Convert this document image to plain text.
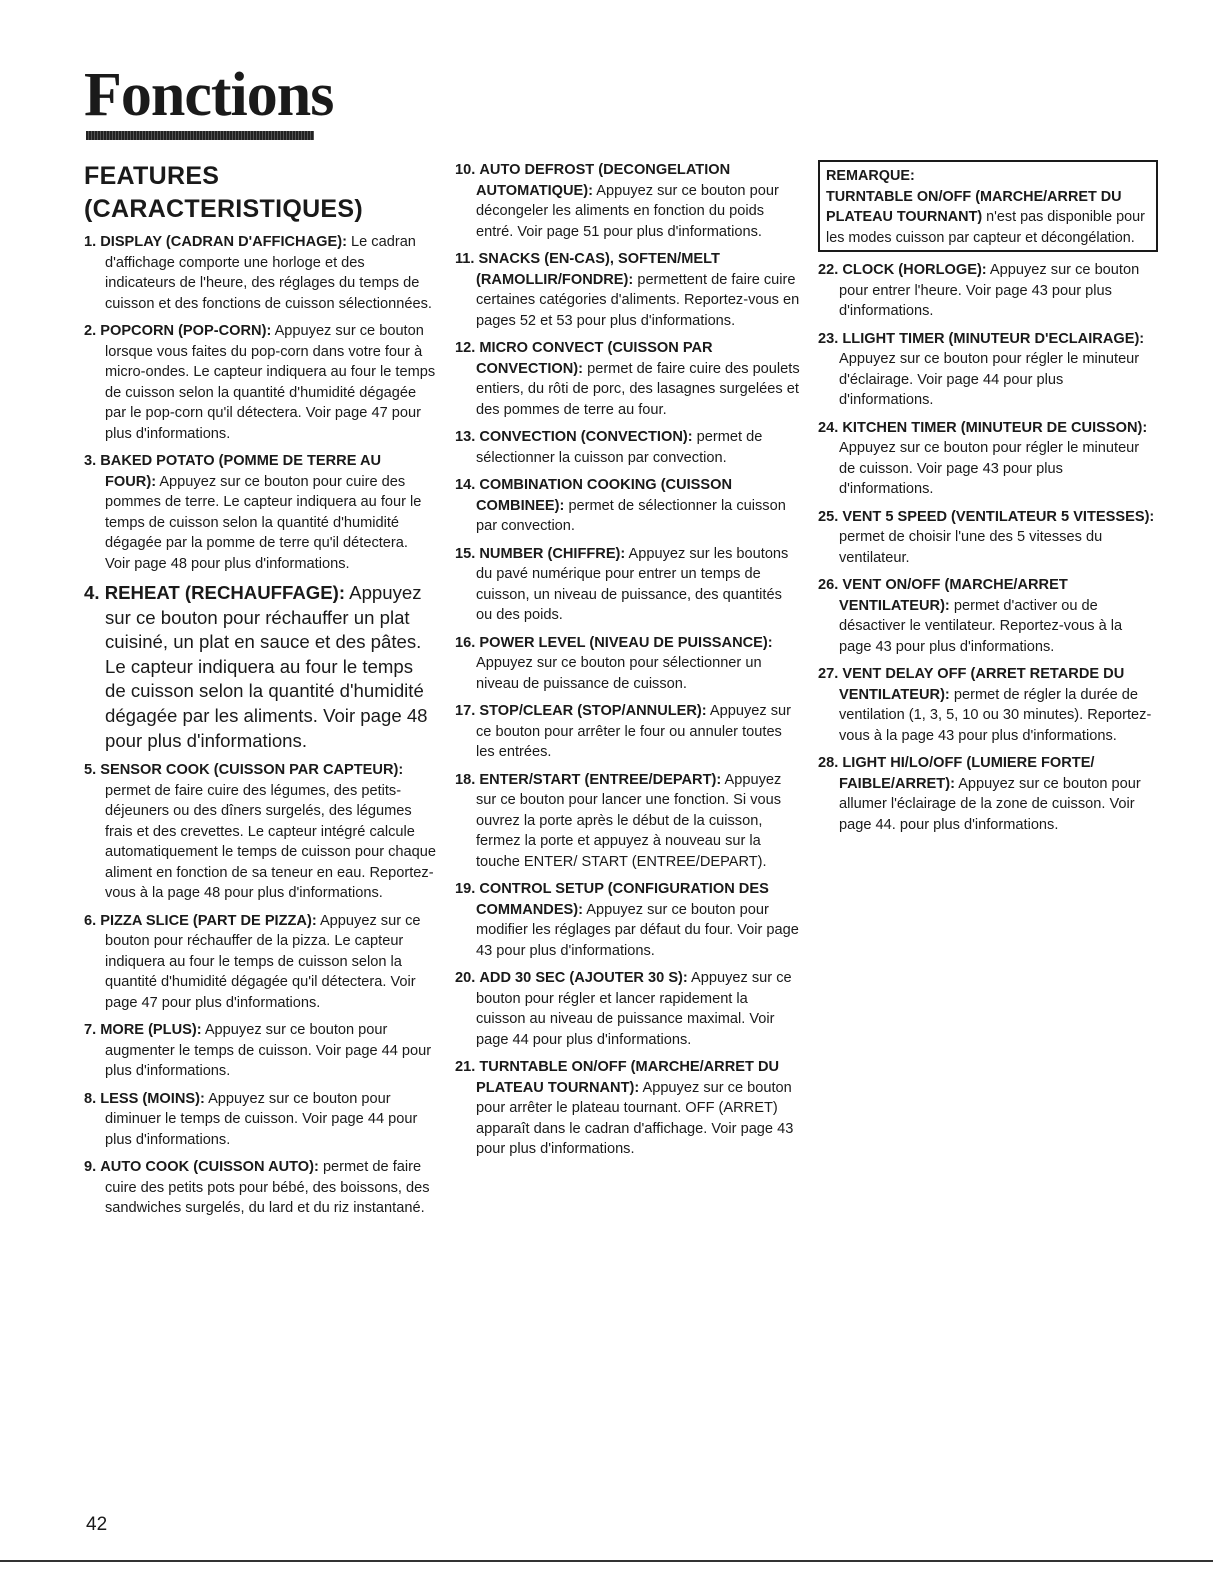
Fonctions
FEATURES (CARACTERISTIQUES)

1. DISPLAY (CADRAN D'AFFICHAGE): Le cadran d'affichage comporte une horloge et des indicateurs de l'heure, des réglages du temps de cuisson et des fonctions de cuisson sélectionnées.

2. POPCORN (POP-CORN): Appuyez sur ce bouton lorsque vous faites du pop-corn dans votre four à micro-ondes. Le capteur indiquera au four le temps de cuisson selon la quantité d'humidité dégagée par le pop-corn qu'il détectera. Voir page 47 pour plus d'informations.

3. BAKED POTATO (POMME DE TERRE AU FOUR): Appuyez sur ce bouton pour cuire des pommes de terre. Le capteur indiquera au four le temps de cuisson selon la quantité d'humidité dégagée par la pomme de terre qu'il détectera. Voir page 48 pour plus d'informations.

4. REHEAT (RECHAUFFAGE): Appuyez sur ce bouton pour réchauffer un plat cuisiné, un plat en sauce et des pâtes. Le capteur indiquera au four le temps de cuisson selon la quantité d'humidité dégagée par les aliments. Voir page 48 pour plus d'informations.

5. SENSOR COOK (CUISSON PAR CAPTEUR): permet de faire cuire des légumes, des petits-déjeuners ou des dîners surgelés, des légumes frais et des crevettes. Le capteur intégré calcule automatiquement le temps de cuisson pour chaque aliment en fonction de sa teneur en eau. Reportez-vous à la page 48 pour plus d'informations.

6. PIZZA SLICE (PART DE PIZZA): Appuyez sur ce bouton pour réchauffer de la pizza. Le capteur indiquera au four le temps de cuisson selon la quantité d'humidité dégagée qu'il détectera. Voir page 47 pour plus d'informations.

7. MORE (PLUS): Appuyez sur ce bouton pour augmenter le temps de cuisson. Voir page 44 pour plus d'informations.

8. LESS (MOINS): Appuyez sur ce bouton pour diminuer le temps de cuisson. Voir page 44 pour plus d'informations.

9. AUTO COOK (CUISSON AUTO): permet de faire cuire des petits pots pour bébé, des boissons, des sandwiches surgelés, du lard et du riz instantané.

10. AUTO DEFROST (DECONGELATION AUTOMATIQUE): Appuyez sur ce bouton pour décongeler les aliments en fonction du poids entré. Voir page 51 pour plus d'informations.

11. SNACKS (EN-CAS), SOFTEN/MELT (RAMOLLIR/FONDRE): permettent de faire cuire certaines catégories d'aliments. Reportez-vous en pages 52 et 53 pour plus d'informations.

12. MICRO CONVECT (CUISSON PAR CONVECTION): permet de faire cuire des poulets entiers, du rôti de porc, des lasagnes surgelées et des pommes de terre au four.

13. CONVECTION (CONVECTION): permet de sélectionner la cuisson par convection.

14. COMBINATION COOKING (CUISSON COMBINEE): permet de sélectionner la cuisson par convection.

15. NUMBER (CHIFFRE): Appuyez sur les boutons du pavé numérique pour entrer un temps de cuisson, un niveau de puissance, des quantités ou des poids.

16. POWER LEVEL (NIVEAU DE PUISSANCE): Appuyez sur ce bouton pour sélectionner un niveau de puissance de cuisson.

17. STOP/CLEAR (STOP/ANNULER): Appuyez sur ce bouton pour arrêter le four ou annuler toutes les entrées.

18. ENTER/START (ENTREE/DEPART): Appuyez sur ce bouton pour lancer une fonction. Si vous ouvrez la porte après le début de la cuisson, fermez la porte et appuyez à nouveau sur la touche ENTER/ START (ENTREE/DEPART).

19. CONTROL SETUP (CONFIGURATION DES COMMANDES): Appuyez sur ce bouton pour modifier les réglages par défaut du four. Voir page 43 pour plus d'informations.

20. ADD 30 SEC (AJOUTER 30 S): Appuyez sur ce bouton pour régler et lancer rapidement la cuisson au niveau de puissance maximal. Voir page 44 pour plus d'informations.

21. TURNTABLE ON/OFF (MARCHE/ARRET DU PLATEAU TOURNANT): Appuyez sur ce bouton pour arrêter le plateau tournant. OFF (ARRET) apparaît dans le cadran d'affichage. Voir page 43 pour plus d'informations.

REMARQUE:
TURNTABLE ON/OFF (MARCHE/ARRET DU PLATEAU TOURNANT) n'est pas disponible pour les modes cuisson par capteur et décongélation.

22. CLOCK (HORLOGE): Appuyez sur ce bouton pour entrer l'heure. Voir page 43 pour plus d'informations.

23. LLIGHT TIMER (MINUTEUR D'ECLAIRAGE): Appuyez sur ce bouton pour régler le minuteur d'éclairage. Voir page 44 pour plus d'informations.

24. KITCHEN TIMER (MINUTEUR DE CUISSON): Appuyez sur ce bouton pour régler le minuteur de cuisson. Voir page 43 pour plus d'informations.

25. VENT 5 SPEED (VENTILATEUR 5 VITESSES): permet de choisir l'une des 5 vitesses du ventilateur.

26. VENT ON/OFF (MARCHE/ARRET VENTILATEUR): permet d'activer ou de désactiver le ventilateur. Reportez-vous à la page 43 pour plus d'informations.

27. VENT DELAY OFF (ARRET RETARDE DU VENTILATEUR): permet de régler la durée de ventilation (1, 3, 5, 10 ou 30 minutes). Reportez-vous à la page 43 pour plus d'informations.

28. LIGHT HI/LO/OFF (LUMIERE FORTE/ FAIBLE/ARRET): Appuyez sur ce bouton pour allumer l'éclairage de la zone de cuisson. Voir page 44. pour plus d'informations.

42
